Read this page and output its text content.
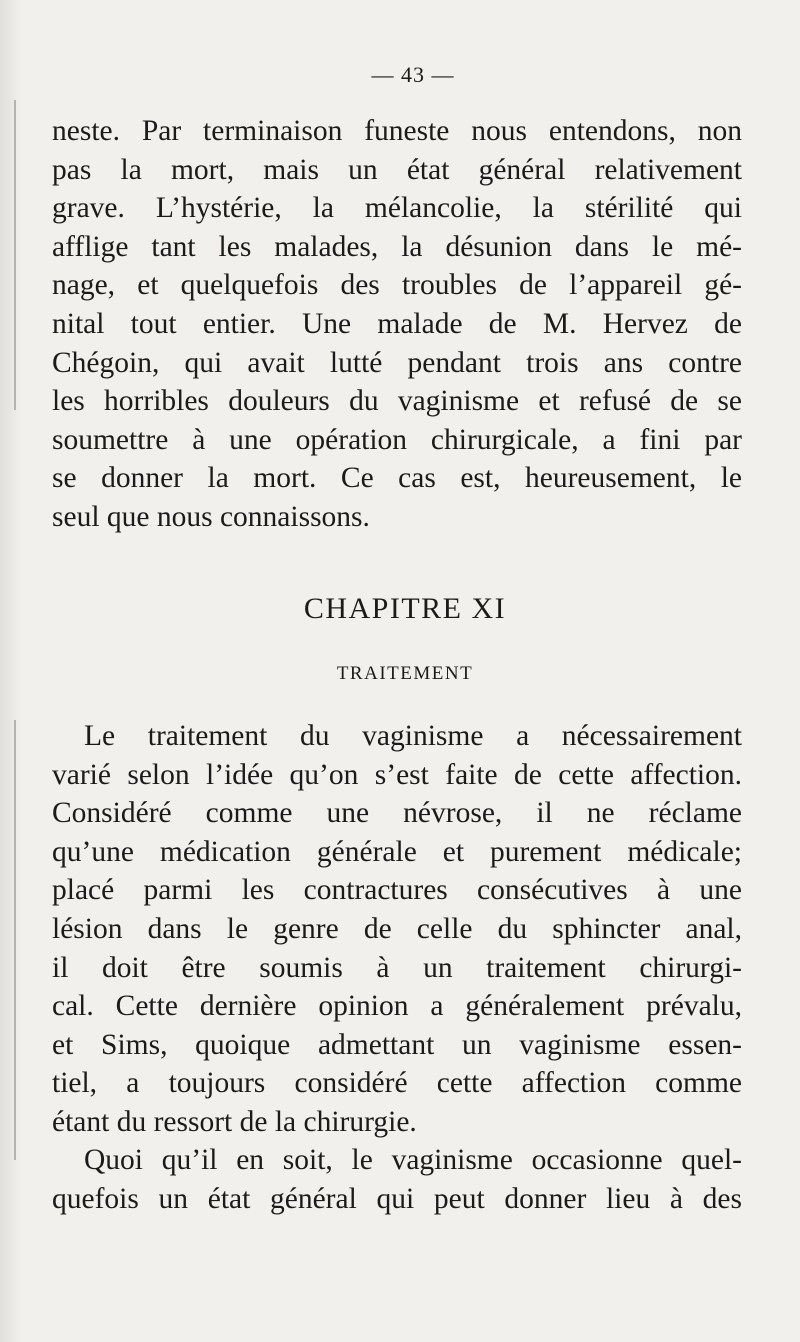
— 43 —
neste. Par terminaison funeste nous entendons, non
pas la mort, mais un état général relativement
grave. L’hystérie, la mélancolie, la stérilité qui
afflige tant les malades, la désunion dans le mé-
nage, et quelquefois des troubles de l’appareil gé-
nital tout entier. Une malade de M. Hervez de
Chégoin, qui avait lutté pendant trois ans contre
les horribles douleurs du vaginisme et refusé de se
soumettre à une opération chirurgicale, a fini par
se donner la mort. Ce cas est, heureusement, le
seul que nous connaissons.
CHAPITRE XI
TRAITEMENT
Le traitement du vaginisme a nécessairement
varié selon l’idée qu’on s’est faite de cette affection.
Considéré comme une névrose, il ne réclame
qu’une médication générale et purement médicale;
placé parmi les contractures consécutives à une
lésion dans le genre de celle du sphincter anal,
il doit être soumis à un traitement chirurgi-
cal. Cette dernière opinion a généralement prévalu,
et Sims, quoique admettant un vaginisme essen-
tiel, a toujours considéré cette affection comme
étant du ressort de la chirurgie.
Quoi qu’il en soit, le vaginisme occasionne quel-
quefois un état général qui peut donner lieu à des
